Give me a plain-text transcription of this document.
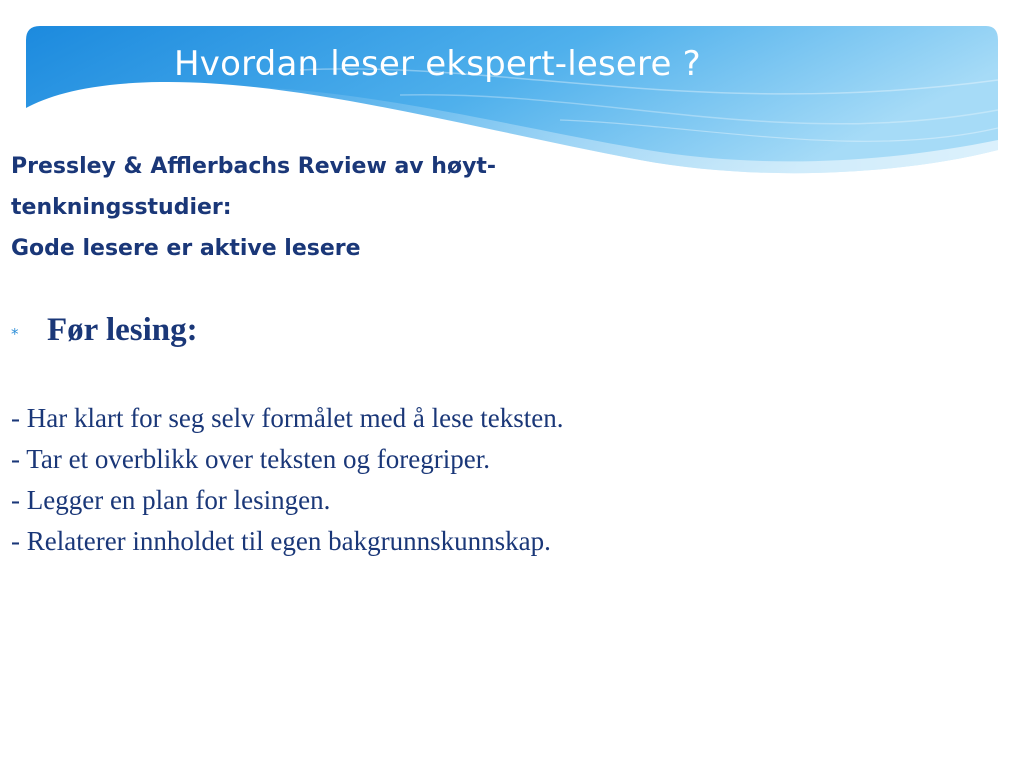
Hvordan leser ekspert-lesere ?
Pressley & Afflerbachs Review av høyt-
tenkningsstudier:
Gode lesere er aktive lesere
* Før lesing:
- Har klart for seg selv formålet med å lese teksten.
- Tar et overblikk over teksten og foregriper.
- Legger en plan for lesingen.
- Relaterer innholdet til egen bakgrunnskunnskap.
